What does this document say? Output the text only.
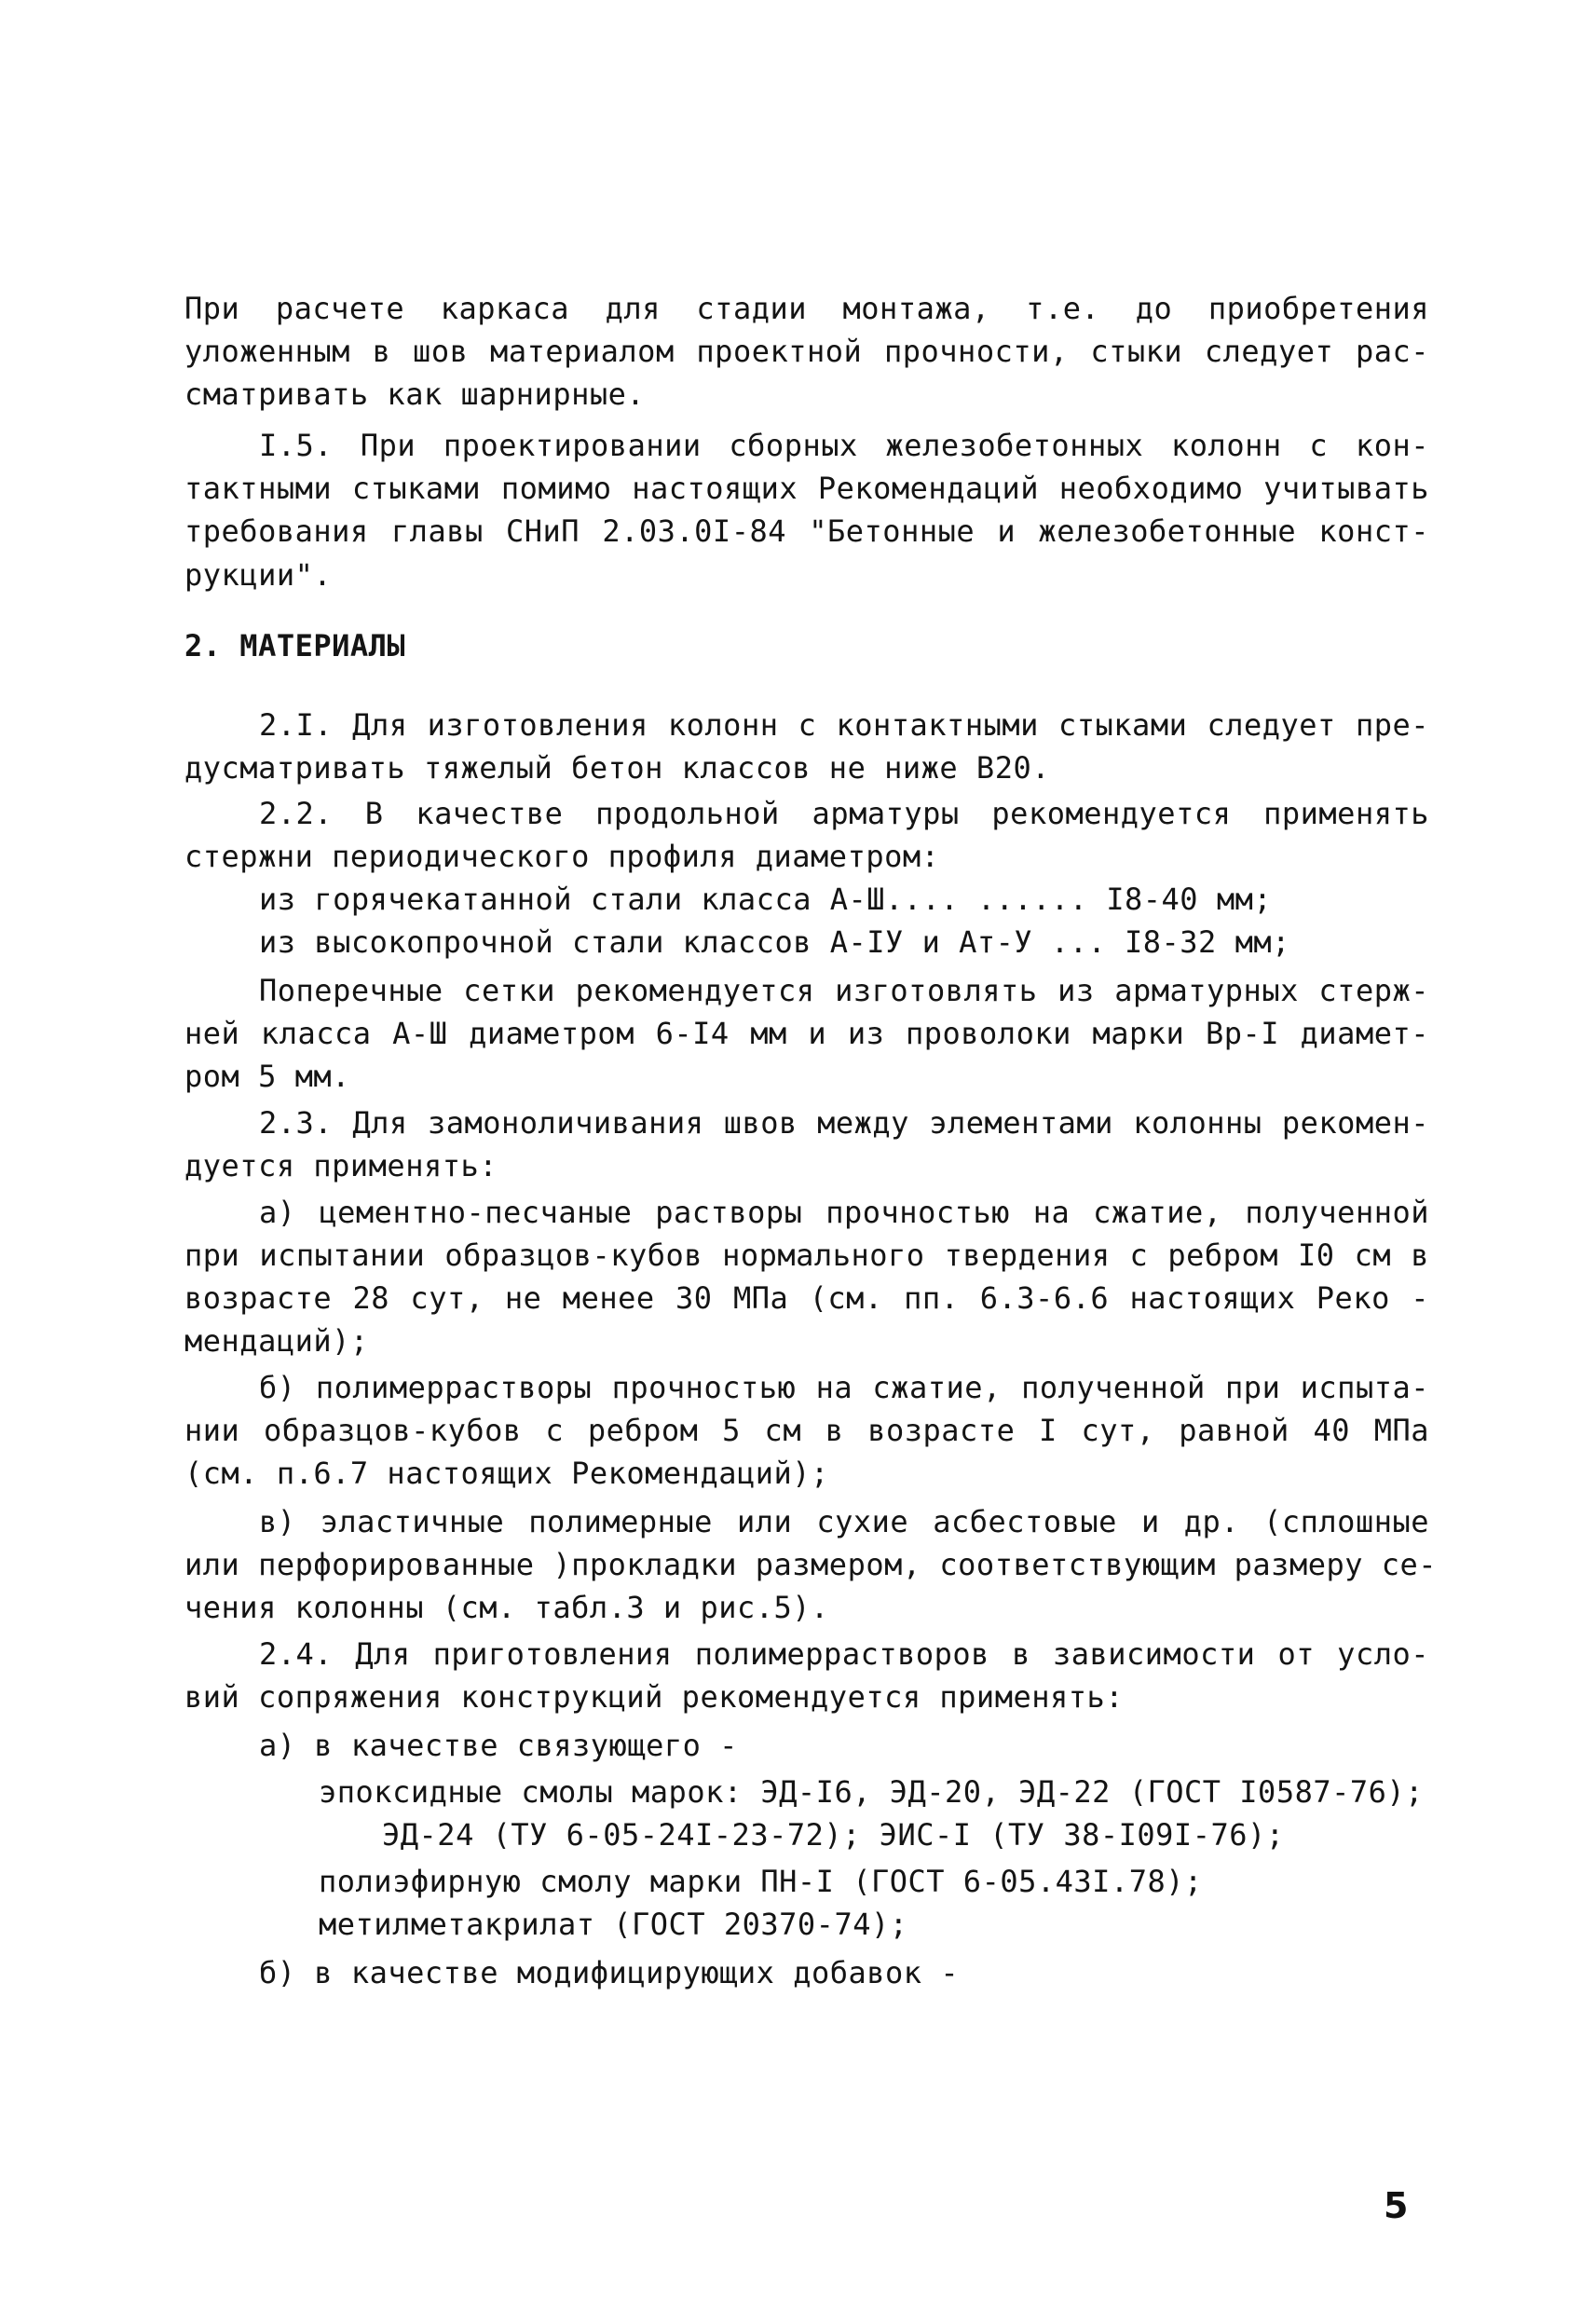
При расчете каркаса для стадии монтажа, т.е. до приобретения
уложенным в шов материалом проектной прочности, стыки следует рас-
сматривать как шарнирные.
I.5. При проектировании сборных железобетонных колонн с кон-
тактными стыками помимо настоящих Рекомендаций необходимо учитывать
требования главы СНиП 2.03.0I-84 "Бетонные и железобетонные конст-
рукции".
2. МАТЕРИАЛЫ
2.I. Для изготовления колонн с контактными стыками следует пре-
дусматривать тяжелый бетон классов не ниже В20.
2.2. В качестве продольной арматуры рекомендуется применять
стержни периодического профиля диаметром:
из горячекатанной стали класса А-Ш.... ...... I8-40 мм;
из высокопрочной стали классов А-IУ и Ат-У ... I8-32 мм;
Поперечные сетки рекомендуется изготовлять из арматурных стерж-
ней класса А-Ш диаметром 6-I4 мм и из проволоки марки Вр-I диамет-
ром 5 мм.
2.3. Для замоноличивания швов между элементами колонны рекомен-
дуется применять:
а) цементно-песчаные растворы прочностью на сжатие, полученной
при испытании образцов-кубов нормального твердения с ребром I0 см в
возрасте 28 сут, не менее 30 МПа (см. пп. 6.3-6.6 настоящих Реко -
мендаций);
б) полимеррастворы прочностью на сжатие, полученной при испыта-
нии образцов-кубов с ребром 5 см в возрасте I сут, равной 40 МПа
(см. п.6.7 настоящих Рекомендаций);
в) эластичные полимерные или сухие асбестовые и др. (сплошные
или перфорированные )прокладки размером, соответствующим размеру се-
чения колонны (см. табл.3 и рис.5).
2.4. Для приготовления полимеррастворов в зависимости от усло-
вий сопряжения конструкций рекомендуется применять:
а) в качестве связующего -
эпоксидные смолы марок: ЭД-I6, ЭД-20, ЭД-22 (ГОСТ I0587-76);
ЭД-24 (ТУ 6-05-24I-23-72); ЭИС-I (ТУ 38-I09I-76);
полиэфирную смолу марки ПН-I (ГОСТ 6-05.43I.78);
метилметакрилат (ГОСТ 20370-74);
б) в качестве модифицирующих добавок -
5
